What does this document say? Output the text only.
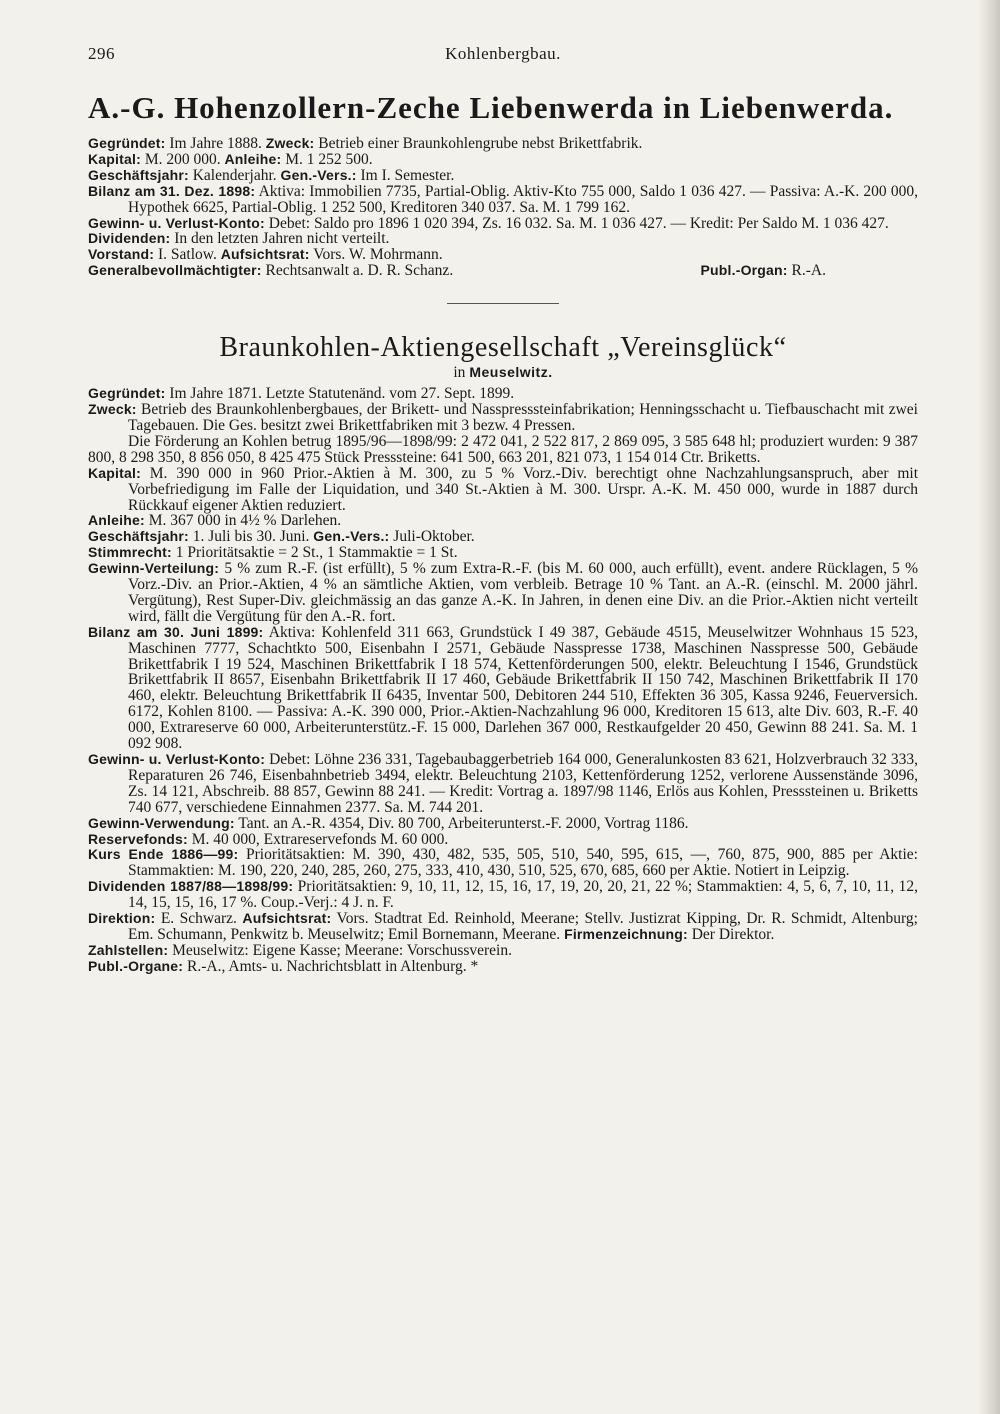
296	Kohlenbergbau.
A.-G. Hohenzollern-Zeche Liebenwerda in Liebenwerda.

Gegründet: Im Jahre 1888. Zweck: Betrieb einer Braunkohlengrube nebst Brikettfabrik.

Kapital: M. 200 000. Anleihe: M. 1 252 500.

Geschäftsjahr: Kalenderjahr. Gen.-Vers.: Im I. Semester.

Bilanz am 31. Dez. 1898: Aktiva: Immobilien 7735, Partial-Oblig. Aktiv-Kto 755 000, Saldo 1 036 427. — Passiva: A.-K. 200 000, Hypothek 6625, Partial-Oblig. 1 252 500, Kreditoren 340 037. Sa. M. 1 799 162.

Gewinn- u. Verlust-Konto: Debet: Saldo pro 1896 1 020 394, Zs. 16 032. Sa. M. 1 036 427. — Kredit: Per Saldo M. 1 036 427.

Dividenden: In den letzten Jahren nicht verteilt.

Vorstand: I. Satlow. Aufsichtsrat: Vors. W. Mohrmann.

Publ.-Organ: R.-A.
Generalbevollmächtigter: Rechtsanwalt a. D. R. Schanz.

Braunkohlen-Aktiengesellschaft „Vereinsglück“
in Meuselwitz.

Gegründet: Im Jahre 1871. Letzte Statutenänd. vom 27. Sept. 1899.

Zweck: Betrieb des Braunkohlenbergbaues, der Brikett- und Nasspresssteinfabrikation; Henningsschacht u. Tiefbauschacht mit zwei Tagebauen. Die Ges. besitzt zwei Brikettfabriken mit 3 bezw. 4 Pressen.

Die Förderung an Kohlen betrug 1895/96—1898/99: 2 472 041, 2 522 817, 2 869 095, 3 585 648 hl; produziert wurden: 9 387 800, 8 298 350, 8 856 050, 8 425 475 Stück Presssteine: 641 500, 663 201, 821 073, 1 154 014 Ctr. Briketts.

Kapital: M. 390 000 in 960 Prior.-Aktien à M. 300, zu 5 % Vorz.-Div. berechtigt ohne Nachzahlungsanspruch, aber mit Vorbefriedigung im Falle der Liquidation, und 340 St.-Aktien à M. 300. Urspr. A.-K. M. 450 000, wurde in 1887 durch Rückkauf eigener Aktien reduziert.

Anleihe: M. 367 000 in 4½ % Darlehen.

Geschäftsjahr: 1. Juli bis 30. Juni. Gen.-Vers.: Juli-Oktober.

Stimmrecht: 1 Prioritätsaktie = 2 St., 1 Stammaktie = 1 St.

Gewinn-Verteilung: 5 % zum R.-F. (ist erfüllt), 5 % zum Extra-R.-F. (bis M. 60 000, auch erfüllt), event. andere Rücklagen, 5 % Vorz.-Div. an Prior.-Aktien, 4 % an sämtliche Aktien, vom verbleib. Betrage 10 % Tant. an A.-R. (einschl. M. 2000 jährl. Vergütung), Rest Super-Div. gleichmässig an das ganze A.-K. In Jahren, in denen eine Div. an die Prior.-Aktien nicht verteilt wird, fällt die Vergütung für den A.-R. fort.

Bilanz am 30. Juni 1899: Aktiva: Kohlenfeld 311 663, Grundstück I 49 387, Gebäude 4515, Meuselwitzer Wohnhaus 15 523, Maschinen 7777, Schachtkto 500, Eisenbahn I 2571, Gebäude Nasspresse 1738, Maschinen Nasspresse 500, Gebäude Brikettfabrik I 19 524, Maschinen Brikettfabrik I 18 574, Kettenförderungen 500, elektr. Beleuchtung I 1546, Grundstück Brikettfabrik II 8657, Eisenbahn Brikettfabrik II 17 460, Gebäude Brikettfabrik II 150 742, Maschinen Brikettfabrik II 170 460, elektr. Beleuchtung Brikettfabrik II 6435, Inventar 500, Debitoren 244 510, Effekten 36 305, Kassa 9246, Feuerversich. 6172, Kohlen 8100. — Passiva: A.-K. 390 000, Prior.-Aktien-Nachzahlung 96 000, Kreditoren 15 613, alte Div. 603, R.-F. 40 000, Extrareserve 60 000, Arbeiterunterstütz.-F. 15 000, Darlehen 367 000, Restkaufgelder 20 450, Gewinn 88 241. Sa. M. 1 092 908.

Gewinn- u. Verlust-Konto: Debet: Löhne 236 331, Tagebaubaggerbetrieb 164 000, Generalunkosten 83 621, Holzverbrauch 32 333, Reparaturen 26 746, Eisenbahnbetrieb 3494, elektr. Beleuchtung 2103, Kettenförderung 1252, verlorene Aussenstände 3096, Zs. 14 121, Abschreib. 88 857, Gewinn 88 241. — Kredit: Vortrag a. 1897/98 1146, Erlös aus Kohlen, Presssteinen u. Briketts 740 677, verschiedene Einnahmen 2377. Sa. M. 744 201.

Gewinn-Verwendung: Tant. an A.-R. 4354, Div. 80 700, Arbeiterunterst.-F. 2000, Vortrag 1186.

Reservefonds: M. 40 000, Extrareservefonds M. 60 000.

Kurs Ende 1886—99: Prioritätsaktien: M. 390, 430, 482, 535, 505, 510, 540, 595, 615, —, 760, 875, 900, 885 per Aktie: Stammaktien: M. 190, 220, 240, 285, 260, 275, 333, 410, 430, 510, 525, 670, 685, 660 per Aktie. Notiert in Leipzig.

Dividenden 1887/88—1898/99: Prioritätsaktien: 9, 10, 11, 12, 15, 16, 17, 19, 20, 20, 21, 22 %; Stammaktien: 4, 5, 6, 7, 10, 11, 12, 14, 15, 15, 16, 17 %. Coup.-Verj.: 4 J. n. F.

Direktion: E. Schwarz. Aufsichtsrat: Vors. Stadtrat Ed. Reinhold, Meerane; Stellv. Justizrat Kipping, Dr. R. Schmidt, Altenburg; Em. Schumann, Penkwitz b. Meuselwitz; Emil Bornemann, Meerane. Firmenzeichnung: Der Direktor.

Zahlstellen: Meuselwitz: Eigene Kasse; Meerane: Vorschussverein.

Publ.-Organe: R.-A., Amts- u. Nachrichtsblatt in Altenburg. *
